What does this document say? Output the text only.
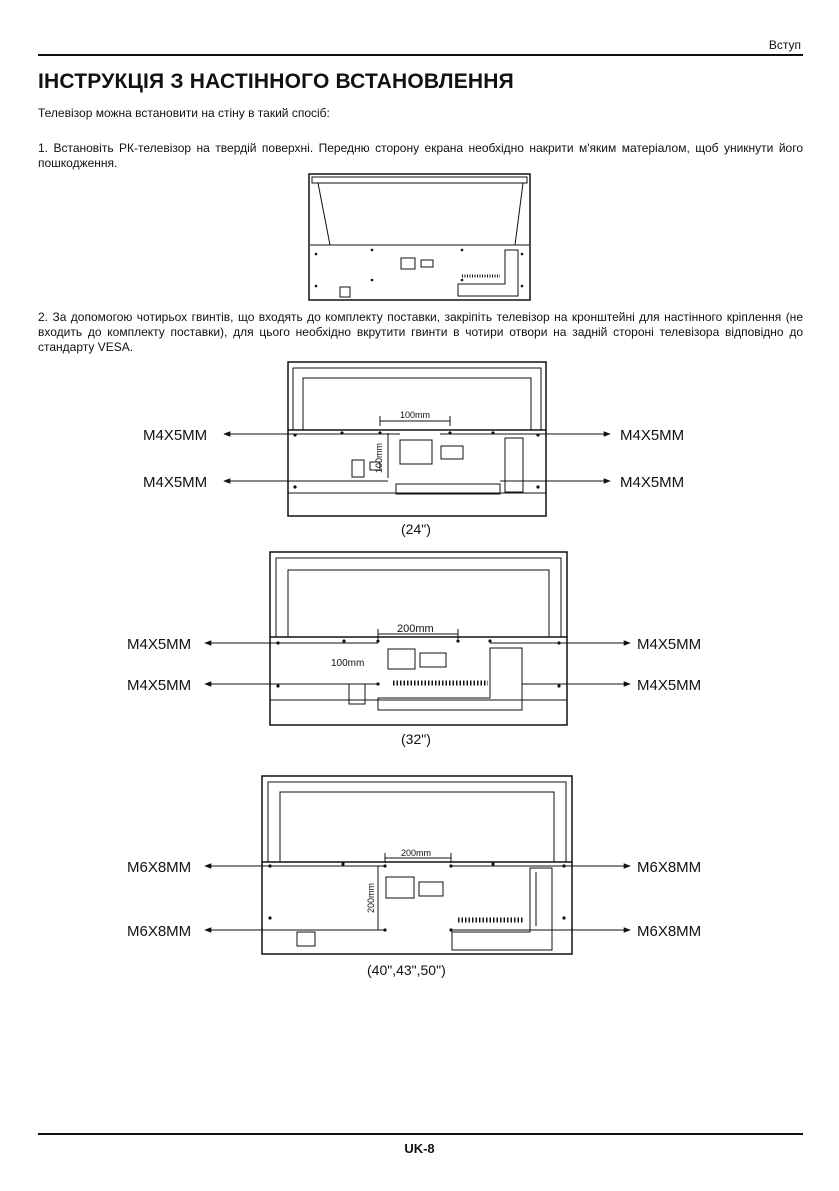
Вступ
ІНСТРУКЦІЯ З НАСТІННОГО ВСТАНОВЛЕННЯ
Телевізор можна встановити на стіну в такий спосіб:
1. Встановіть РК-телевізор на твердій поверхні. Передню сторону екрана необхідно накрити м'яким матеріалом, щоб уникнути його пошкодження.
2. За допомогою чотирьох гвинтів, що входять до комплекту поставки, закріпіть телевізор на кронштейні для настінного кріплення (не входить до комплекту поставки), для цього необхідно вкрутити гвинти в чотири отвори на задній стороні телевізора відповідно до стандарту VESA.
M4X5MM	M4X5MM
M4X5MM	M4X5MM
100mm
100mm
(24")
M4X5MM	M4X5MM
M4X5MM	M4X5MM
200mm
100mm
(32")
M6X8MM	M6X8MM
M6X8MM	M6X8MM
200mm
200mm
(40",43",50")
UK-8
